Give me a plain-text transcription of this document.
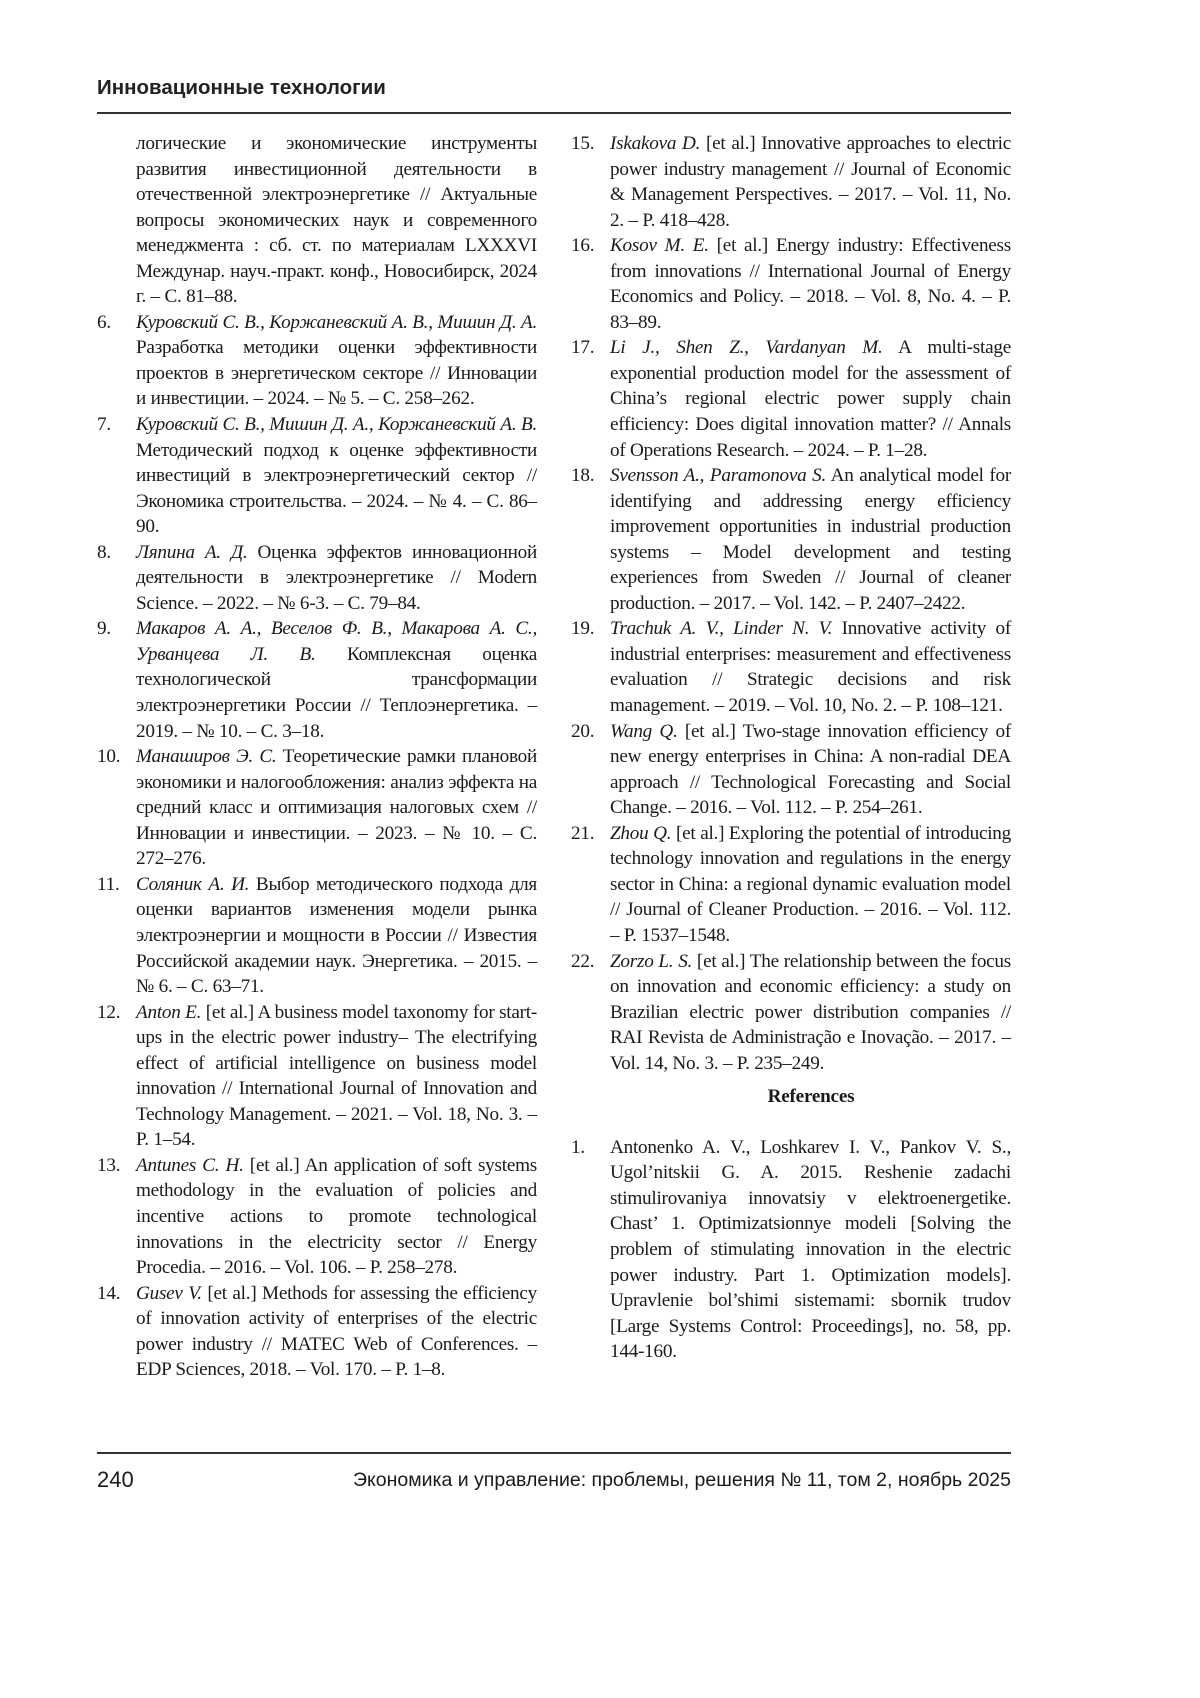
Инновационные технологии
логические и экономические инструменты развития инвестиционной деятельности в отечественной электроэнергетике // Актуальные вопросы экономических наук и современного менеджмента : сб. ст. по материалам LXXXVI Междунар. науч.-практ. конф., Новосибирск, 2024 г. – С. 81–88.
6.	Куровский С. В., Коржаневский А. В., Мишин Д. А. Разработка методики оценки эффективности проектов в энергетическом секторе // Инновации и инвестиции. – 2024. – № 5. – С. 258–262.
7.	Куровский С. В., Мишин Д. А., Коржаневский А. В. Методический подход к оценке эффективности инвестиций в электроэнергетический сектор // Экономика строительства. – 2024. – № 4. – С. 86–90.
8.	Ляпина А. Д. Оценка эффектов инновационной деятельности в электроэнергетике // Modern Science. – 2022. – № 6-3. – С. 79–84.
9.	Макаров А. А., Веселов Ф. В., Макарова А. С., Урванцева Л. В. Комплексная оценка технологической трансформации электроэнергетики России // Теплоэнергетика. – 2019. – № 10. – С. 3–18.
10. Манаширов Э. С. Теоретические рамки плановой экономики и налогообложения: анализ эффекта на средний класс и оптимизация налоговых схем // Инновации и инвестиции. – 2023. – № 10. – С. 272–276.
11. Соляник А. И. Выбор методического подхода для оценки вариантов изменения модели рынка электроэнергии и мощности в России // Известия Российской академии наук. Энергетика. – 2015. – № 6. – С. 63–71.
12. Anton E. [et al.] A business model taxonomy for start-ups in the electric power industry– The electrifying effect of artificial intelligence on business model innovation // International Journal of Innovation and Technology Management. – 2021. – Vol. 18, No. 3. – P. 1–54.
13. Antunes C. H. [et al.] An application of soft systems methodology in the evaluation of policies and incentive actions to promote technological innovations in the electricity sector // Energy Procedia. – 2016. – Vol. 106. – P. 258–278.
14. Gusev V. [et al.] Methods for assessing the efficiency of innovation activity of enterprises of the electric power industry // MATEC Web of Conferences. – EDP Sciences, 2018. – Vol. 170. – P. 1–8.
15. Iskakova D. [et al.] Innovative approaches to electric power industry management // Journal of Economic & Management Perspectives. – 2017. – Vol. 11, No. 2. – P. 418–428.
16. Kosov M. E. [et al.] Energy industry: Effectiveness from innovations // International Journal of Energy Economics and Policy. – 2018. – Vol. 8, No. 4. – P. 83–89.
17. Li J., Shen Z., Vardanyan M. A multi-stage exponential production model for the assessment of China’s regional electric power supply chain efficiency: Does digital innovation matter? // Annals of Operations Research. – 2024. – P. 1–28.
18. Svensson A., Paramonova S. An analytical model for identifying and addressing energy efficiency improvement opportunities in industrial production systems – Model development and testing experiences from Sweden // Journal of cleaner production. – 2017. – Vol. 142. – P. 2407–2422.
19. Trachuk A. V., Linder N. V. Innovative activity of industrial enterprises: measurement and effectiveness evaluation // Strategic decisions and risk management. – 2019. – Vol. 10, No. 2. – P. 108–121.
20. Wang Q. [et al.] Two-stage innovation efficiency of new energy enterprises in China: A non-radial DEA approach // Technological Forecasting and Social Change. – 2016. – Vol. 112. – P. 254–261.
21. Zhou Q. [et al.] Exploring the potential of introducing technology innovation and regulations in the energy sector in China: a regional dynamic evaluation model // Journal of Cleaner Production. – 2016. – Vol. 112. – P. 1537–1548.
22. Zorzo L. S. [et al.] The relationship between the focus on innovation and economic efficiency: a study on Brazilian electric power distribution companies // RAI Revista de Administração e Inovação. – 2017. – Vol. 14, No. 3. – P. 235–249.
References
1.	Antonenko A. V., Loshkarev I. V., Pankov V. S., Ugol’nitskii G. A. 2015. Reshenie zadachi stimulirovaniya innovatsiy v elektroenergetike. Chast’ 1. Optimizatsionnye modeli [Solving the problem of stimulating innovation in the electric power industry. Part 1. Optimization models]. Upravlenie bol’shimi sistemami: sbornik trudov [Large Systems Control: Proceedings], no. 58, pp. 144-160.
240	Экономика и управление: проблемы, решения № 11, том 2, ноябрь 2025
